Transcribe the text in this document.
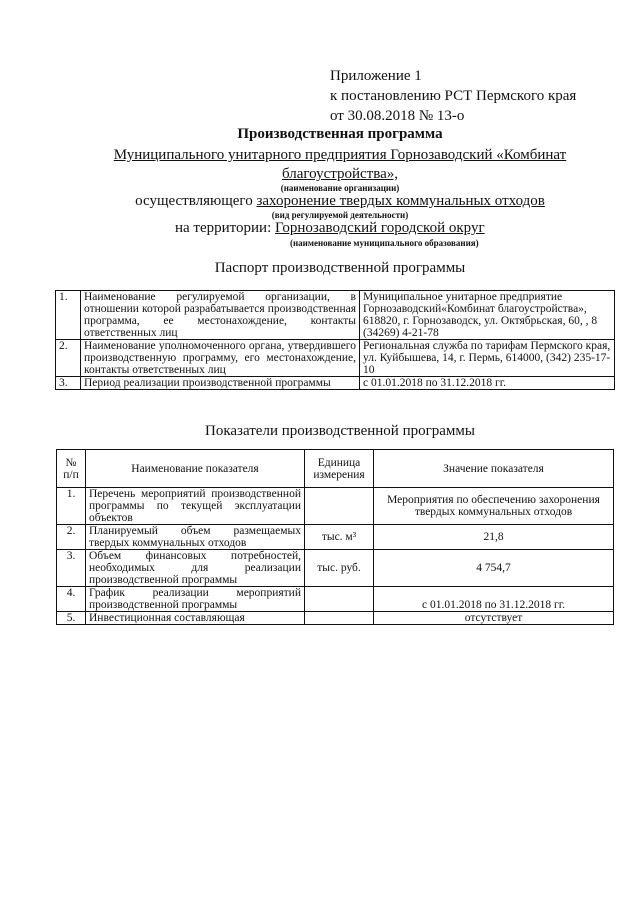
Приложение 1
к постановлению РСТ Пермского края
от 30.08.2018 № 13-о
Производственная программа
Муниципального унитарного предприятия Горнозаводский «Комбинат благоустройства»,
(наименование организации)
осуществляющего захоронение твердых коммунальных отходов
(вид регулируемой деятельности)
на территории: Горнозаводский городской округ
(наименование муниципального образования)
Паспорт производственной программы
1.	Наименование регулируемой организации, в отношении которой разрабатывается производственная программа, ее местонахождение, контакты ответственных лиц	Муниципальное унитарное предприятие Горнозаводский«Комбинат благоустройства», 618820, г. Горнозаводск, ул. Октябрьская, 60, , 8 (34269) 4-21-78
2.	Наименование уполномоченного органа, утвердившего производственную программу, его местонахождение, контакты ответственных лиц	Региональная служба по тарифам Пермского края, ул. Куйбышева, 14, г. Пермь, 614000, (342) 235-17-10
3.	Период реализации производственной программы	с 01.01.2018 по 31.12.2018 гг.
Показатели производственной программы
№ п/п	Наименование показателя	Единица измерения	Значение показателя
1.	Перечень мероприятий производственной программы по текущей эксплуатации объектов		Мероприятия по обеспечению захоронения твердых коммунальных отходов
2.	Планируемый объем размещаемых твердых коммунальных отходов	тыс. м³	21,8
3.	Объем финансовых потребностей, необходимых для реализации производственной программы	тыс. руб.	4 754,7
4.	График реализации мероприятий производственной программы		с 01.01.2018 по 31.12.2018 гг.
5.	Инвестиционная составляющая		отсутствует
